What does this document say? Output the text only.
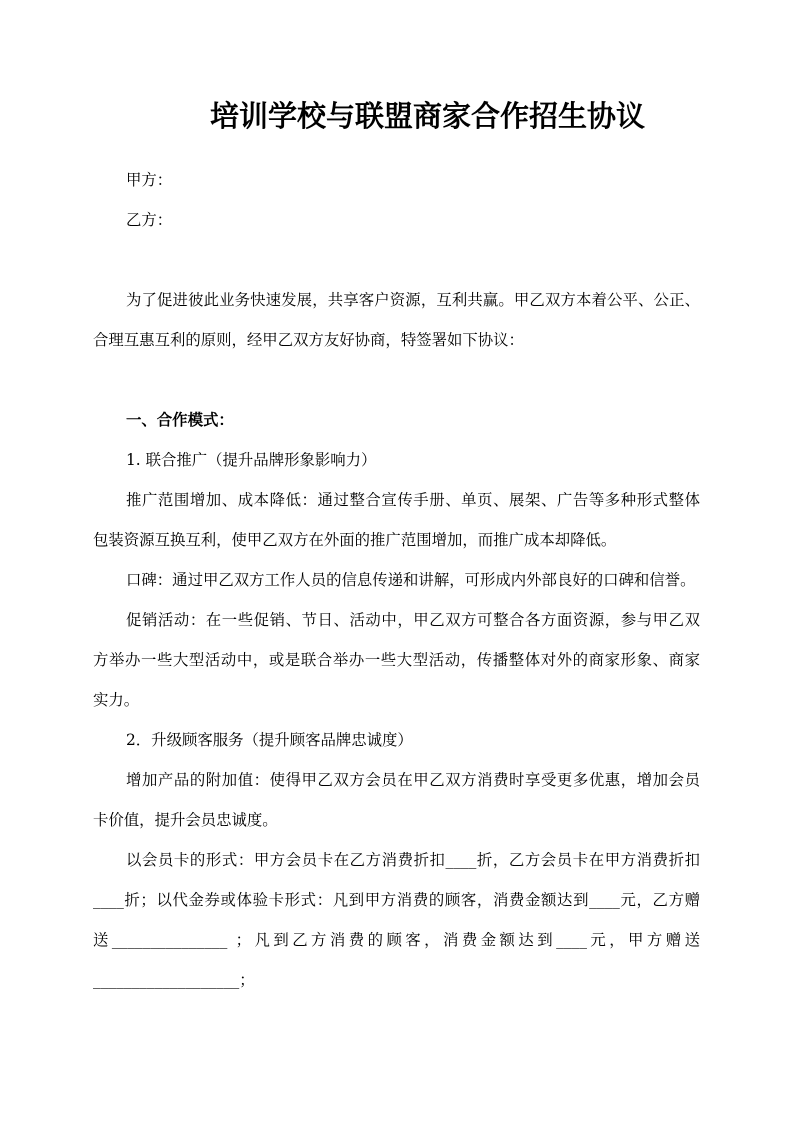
培训学校与联盟商家合作招生协议
甲方：
乙方：
为了促进彼此业务快速发展，共享客户资源，互利共赢。甲乙双方本着公平、公正、
合理互惠互利的原则，经甲乙双方友好协商，特签署如下协议：
一、合作模式：
1. 联合推广（提升品牌形象影响力）
推广范围增加、成本降低：通过整合宣传手册、单页、展架、广告等多种形式整体
包装资源互换互利，使甲乙双方在外面的推广范围增加，而推广成本却降低。
口碑：通过甲乙双方工作人员的信息传递和讲解，可形成内外部良好的口碑和信誉。
促销活动：在一些促销、节日、活动中，甲乙双方可整合各方面资源，参与甲乙双
方举办一些大型活动中，或是联合举办一些大型活动，传播整体对外的商家形象、商家
实力。
2．升级顾客服务（提升顾客品牌忠诚度）
增加产品的附加值：使得甲乙双方会员在甲乙双方消费时享受更多优惠，增加会员
卡价值，提升会员忠诚度。
以会员卡的形式：甲方会员卡在乙方消费折扣____折，乙方会员卡在甲方消费折扣
____折；以代金券或体验卡形式：凡到甲方消费的顾客，消费金额达到____元，乙方赠
送_______________ ；凡到乙方消费的顾客，消费金额达到____元，甲方赠送
___________________；
